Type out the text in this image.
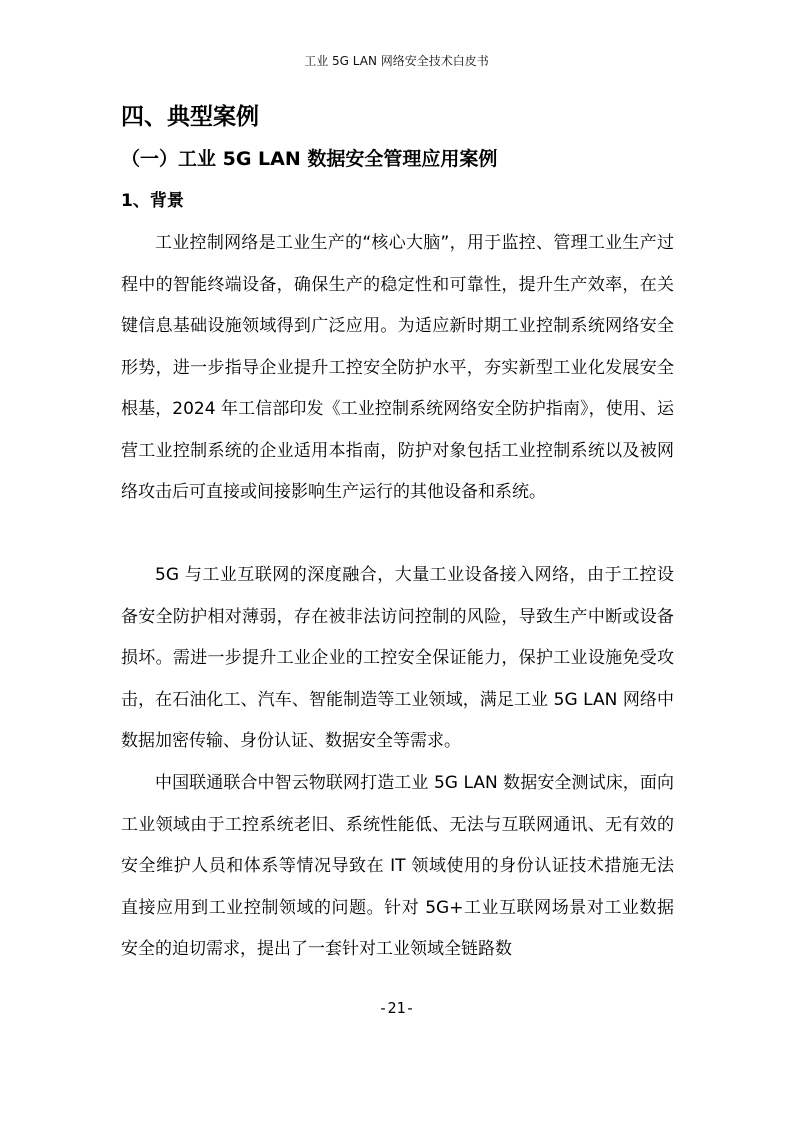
工业 5G LAN 网络安全技术白皮书
四、典型案例
（一）工业 5G LAN 数据安全管理应用案例
1、背景

工业控制网络是工业生产的“核心大脑”，用于监控、管理工业生产过程中的智能终端设备，确保生产的稳定性和可靠性，提升生产效率，在关键信息基础设施领域得到广泛应用。为适应新时期工业控制系统网络安全形势，进一步指导企业提升工控安全防护水平，夯实新型工业化发展安全根基，2024 年工信部印发《工业控制系统网络安全防护指南》，使用、运营工业控制系统的企业适用本指南，防护对象包括工业控制系统以及被网络攻击后可直接或间接影响生产运行的其他设备和系统。

5G 与工业互联网的深度融合，大量工业设备接入网络，由于工控设备安全防护相对薄弱，存在被非法访问控制的风险，导致生产中断或设备损坏。需进一步提升工业企业的工控安全保证能力，保护工业设施免受攻击，在石油化工、汽车、智能制造等工业领域，满足工业 5G LAN 网络中数据加密传输、身份认证、数据安全等需求。

中国联通联合中智云物联网打造工业 5G LAN 数据安全测试床，面向工业领域由于工控系统老旧、系统性能低、无法与互联网通讯、无有效的安全维护人员和体系等情况导致在 IT 领域使用的身份认证技术措施无法直接应用到工业控制领域的问题。针对 5G+工业互联网场景对工业数据安全的迫切需求，提出了一套针对工业领域全链路数

-21-
